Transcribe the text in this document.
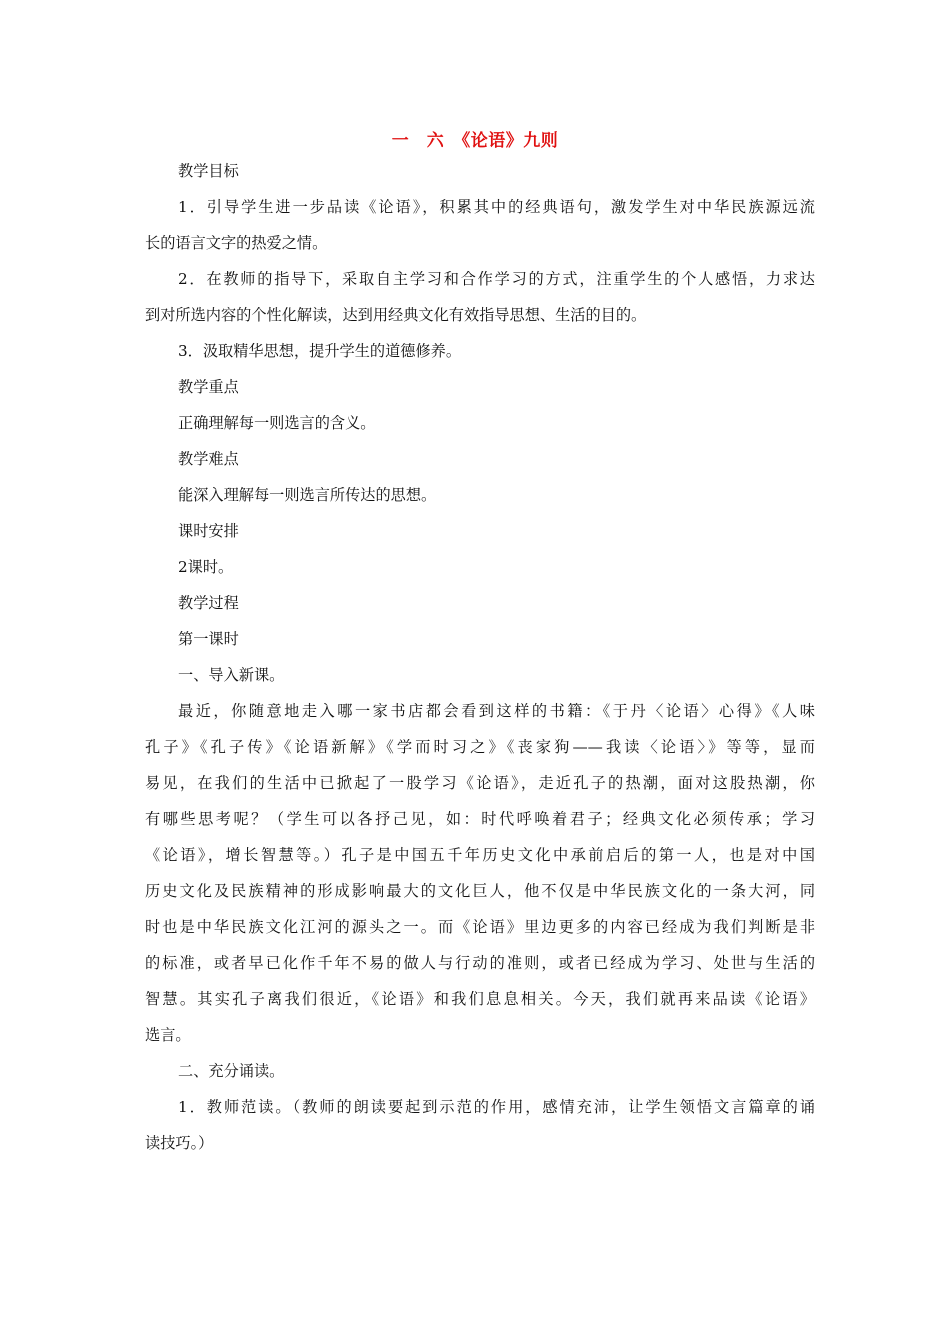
一　六　《论语》九则
教学目标
1．引导学生进一步品读《论语》，积累其中的经典语句，激发学生对中华民族源远流
长的语言文字的热爱之情。
2．在教师的指导下，采取自主学习和合作学习的方式，注重学生的个人感悟，力求达
到对所选内容的个性化解读，达到用经典文化有效指导思想、生活的目的。
3．汲取精华思想，提升学生的道德修养。
教学重点
正确理解每一则选言的含义。
教学难点
能深入理解每一则选言所传达的思想。
课时安排
2课时。
教学过程
第一课时
一、导入新课。
最近，你随意地走入哪一家书店都会看到这样的书籍：《于丹〈论语〉心得》《人味
孔子》《孔子传》《论语新解》《学而时习之》《丧家狗——我读〈论语〉》等等，显而
易见，在我们的生活中已掀起了一股学习《论语》，走近孔子的热潮，面对这股热潮，你
有哪些思考呢？（学生可以各抒己见，如：时代呼唤着君子；经典文化必须传承；学习
《论语》，增长智慧等。）孔子是中国五千年历史文化中承前启后的第一人，也是对中国
历史文化及民族精神的形成影响最大的文化巨人，他不仅是中华民族文化的一条大河，同
时也是中华民族文化江河的源头之一。而《论语》里边更多的内容已经成为我们判断是非
的标准，或者早已化作千年不易的做人与行动的准则，或者已经成为学习、处世与生活的
智慧。其实孔子离我们很近，《论语》和我们息息相关。今天，我们就再来品读《论语》
选言。
二、充分诵读。
1．教师范读。（教师的朗读要起到示范的作用，感情充沛，让学生领悟文言篇章的诵
读技巧。）
